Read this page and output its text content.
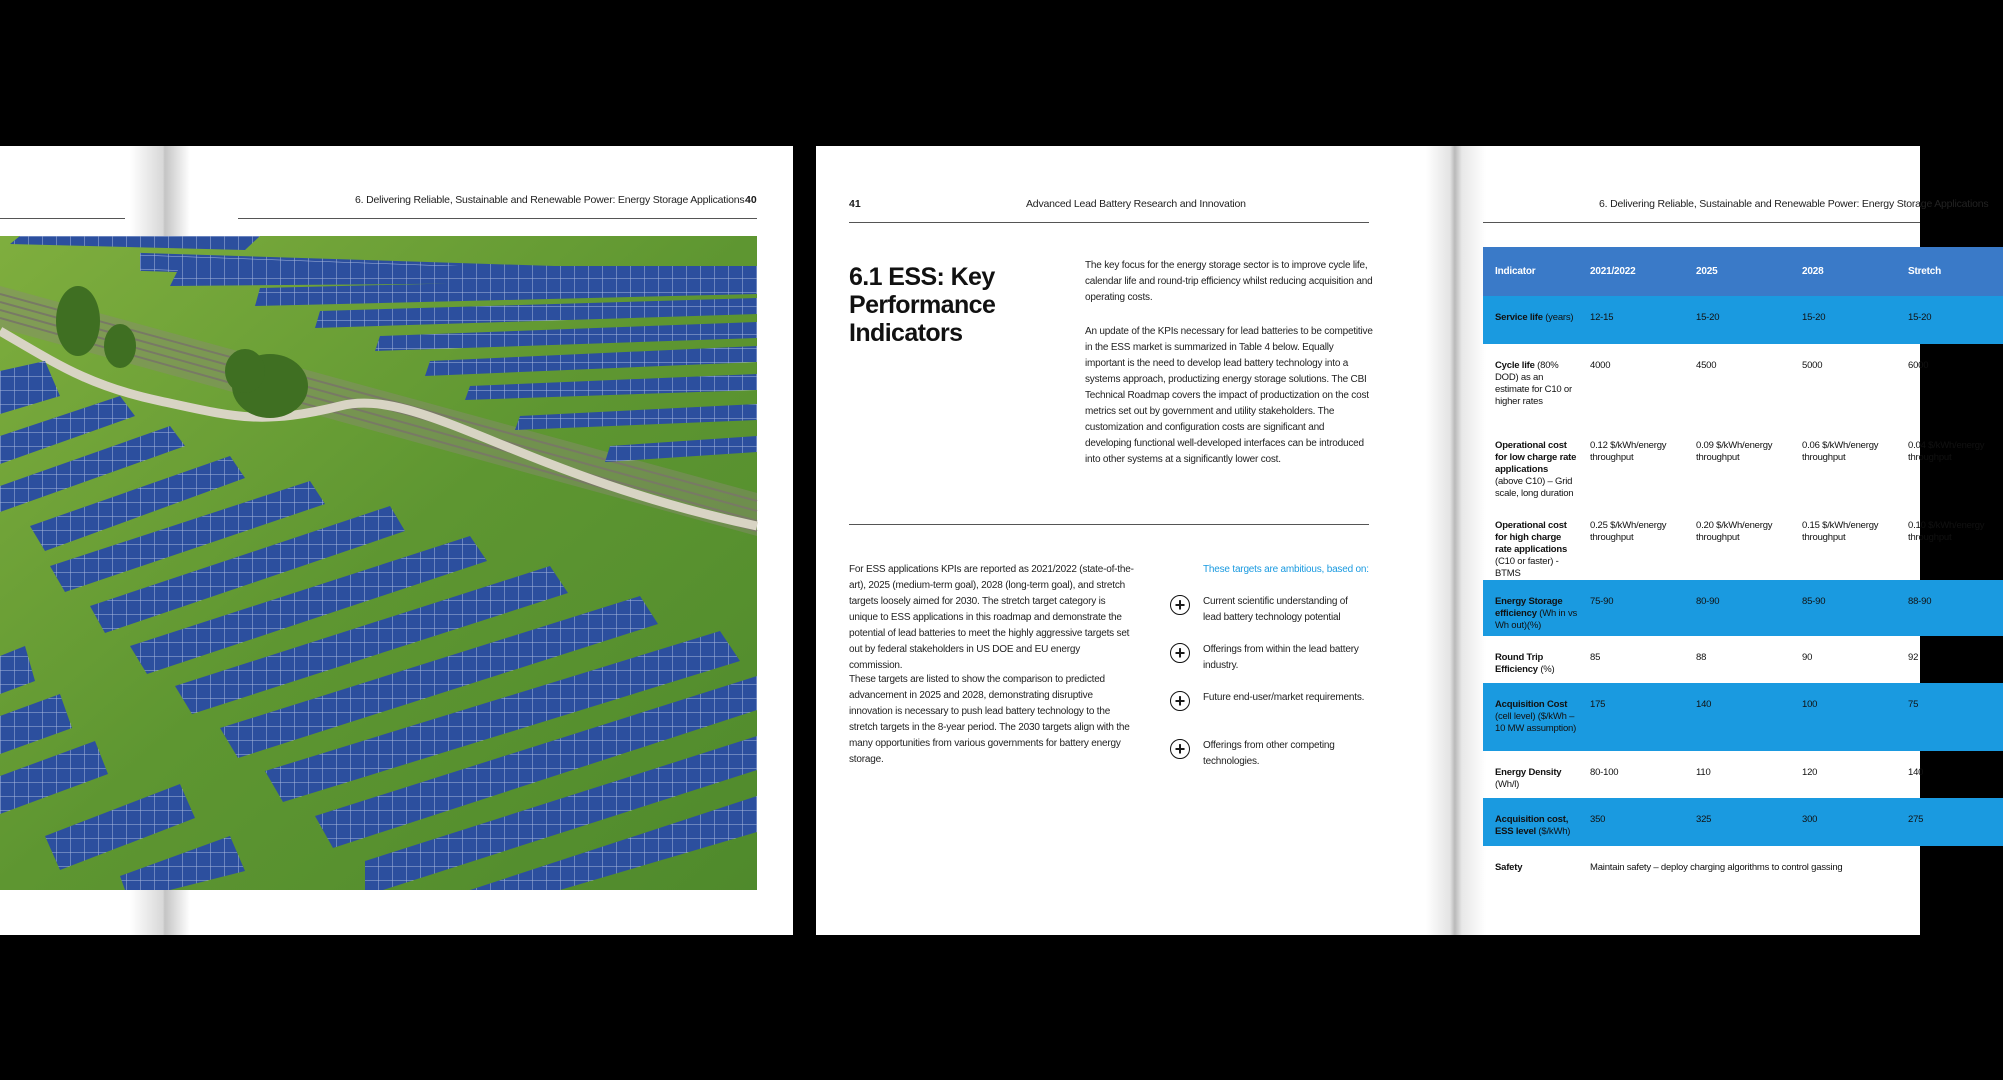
6. Delivering Reliable, Sustainable and Renewable Power: Energy Storage Applications 40	41	Advanced Lead Battery Research and Innovation
6.1 ESS: Key Performance Indicators
The key focus for the energy storage sector is to improve cycle life, calendar life and round-trip efficiency whilst reducing acquisition and operating costs.
An update of the KPIs necessary for lead batteries to be competitive in the ESS market is summarized in Table 4 below. Equally important is the need to develop lead battery technology into a systems approach, productizing energy storage solutions. The CBI Technical Roadmap covers the impact of productization on the cost metrics set out by government and utility stakeholders. The customization and configuration costs are significant and developing functional well-developed interfaces can be introduced into other systems at a significantly lower cost.
For ESS applications KPIs are reported as 2021/2022 (state-of-the-art), 2025 (medium-term goal), 2028 (long-term goal), and stretch targets loosely aimed for 2030. The stretch target category is unique to ESS applications in this roadmap and demonstrate the potential of lead batteries to meet the highly aggressive targets set out by federal stakeholders in US DOE and EU energy commission.
These targets are listed to show the comparison to predicted advancement in 2025 and 2028, demonstrating disruptive innovation is necessary to push lead battery technology to the stretch targets in the 8-year period. The 2030 targets align with the many opportunities from various governments for battery energy storage.
These targets are ambitious, based on:
+	Current scientific understanding of lead battery technology potential
+	Offerings from within the lead battery industry.
+	Future end-user/market requirements.
+	Offerings from other competing technologies.
6. Delivering Reliable, Sustainable and Renewable Power: Energy Storage Applications
Indicator	2021/2022	2025	2028	Stretch
Service life (years)	12-15	15-20	15-20	15-20
Cycle life (80% DOD) as an estimate for C10 or higher rates	4000	4500	5000	6000
Operational cost for low charge rate applications (above C10) – Grid scale, long duration	0.12 $/kWh/energy throughput	0.09 $/kWh/energy throughput	0.06 $/kWh/energy throughput	0.04 $/kWh/energy throughput
Operational cost for high charge rate applications (C10 or faster) - BTMS	0.25 $/kWh/energy throughput	0.20 $/kWh/energy throughput	0.15 $/kWh/energy throughput	0.10 $/kWh/energy throughput
Energy Storage efficiency (Wh in vs Wh out)(%)	75-90	80-90	85-90	88-90
Round Trip Efficiency (%)	85	88	90	92
Acquisition Cost (cell level) ($/kWh – 10 MW assumption)	175	140	100	75
Energy Density (Wh/l)	80-100	110	120	140
Acquisition cost, ESS level ($/kWh)	350	325	300	275
Safety	Maintain safety – deploy charging algorithms to control gassing			
